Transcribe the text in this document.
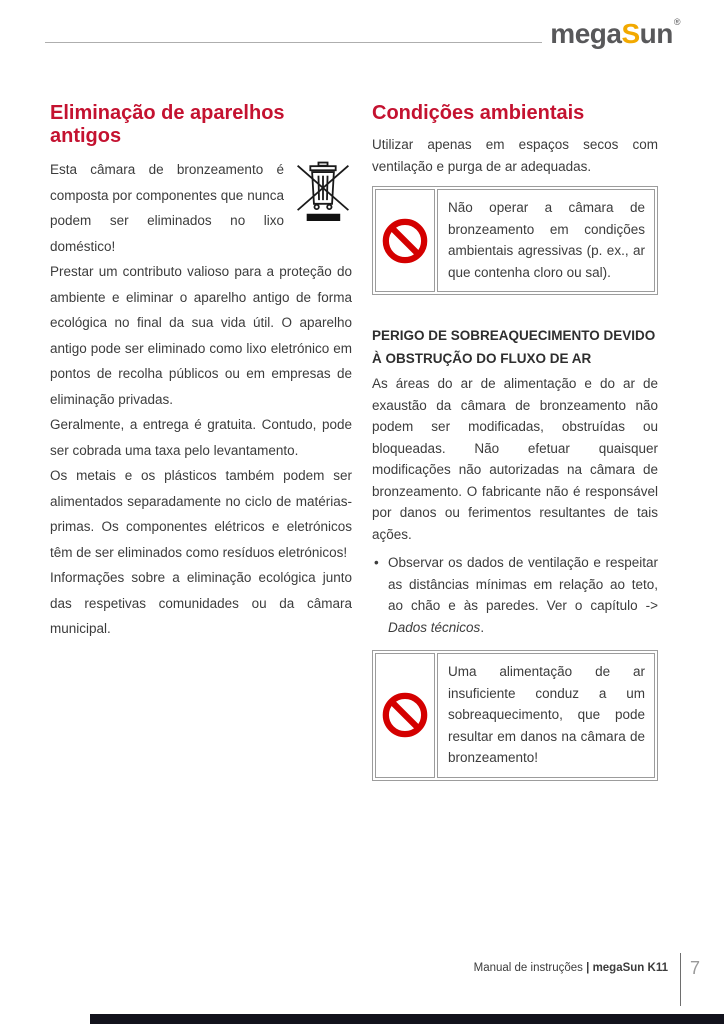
megaSun®
Eliminação de aparelhos antigos

Esta câmara de bronzeamento é composta por componentes que nunca podem ser eliminados no lixo doméstico!

Prestar um contributo valioso para a proteção do ambiente e eliminar o aparelho antigo de forma ecológica no final da sua vida útil. O aparelho antigo pode ser eliminado como lixo eletrónico em pontos de recolha públicos ou em empresas de eliminação privadas.

Geralmente, a entrega é gratuita. Contudo, pode ser cobrada uma taxa pelo levantamento.

Os metais e os plásticos também podem ser alimentados separadamente no ciclo de matérias-primas. Os componentes elétricos e eletrónicos têm de ser eliminados como resíduos eletrónicos!

Informações sobre a eliminação ecológica junto das respetivas comunidades ou da câmara municipal.

Condições ambientais

Utilizar apenas em espaços secos com ventilação e purga de ar adequadas.

Não operar a câmara de bronzeamento em condições ambientais agressivas (p. ex., ar que contenha cloro ou sal).

PERIGO DE SOBREAQUECIMENTO DEVIDO À OBSTRUÇÃO DO FLUXO DE AR

As áreas do ar de alimentação e do ar de exaustão da câmara de bronzeamento não podem ser modificadas, obstruídas ou bloqueadas. Não efetuar quaisquer modificações não autorizadas na câmara de bronzeamento. O fabricante não é responsável por danos ou ferimentos resultantes de tais ações.

• Observar os dados de ventilação e respeitar as distâncias mínimas em relação ao teto, ao chão e às paredes. Ver o capítulo -> Dados técnicos.

Uma alimentação de ar insuficiente conduz a um sobreaquecimento, que pode resultar em danos na câmara de bronzeamento!

Manual de instruções | megaSun K11 7
